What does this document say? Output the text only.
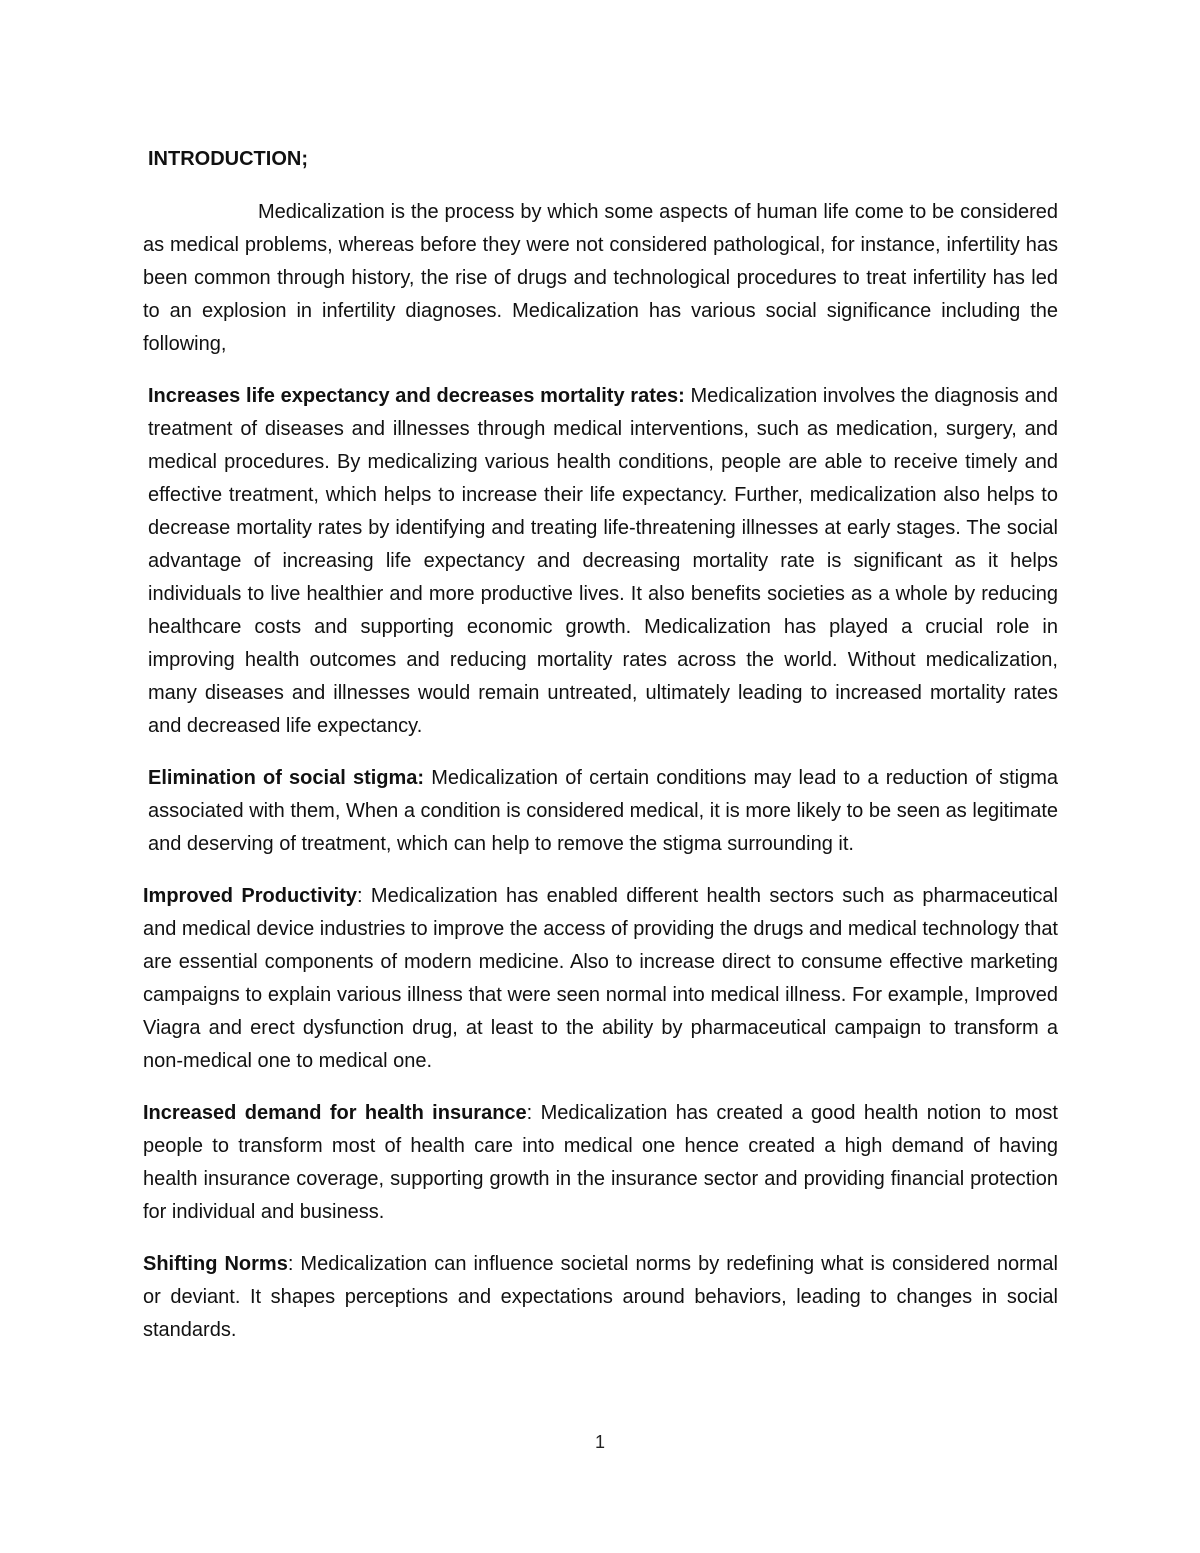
INTRODUCTION;

Medicalization is the process by which some aspects of human life come to be considered as medical problems, whereas before they were not considered pathological, for instance, infertility has been common through history, the rise of drugs and technological procedures to treat infertility has led to an explosion in infertility diagnoses. Medicalization has various social significance including the following,

Increases life expectancy and decreases mortality rates: Medicalization involves the diagnosis and treatment of diseases and illnesses through medical interventions, such as medication, surgery, and medical procedures. By medicalizing various health conditions, people are able to receive timely and effective treatment, which helps to increase their life expectancy. Further, medicalization also helps to decrease mortality rates by identifying and treating life-threatening illnesses at early stages. The social advantage of increasing life expectancy and decreasing mortality rate is significant as it helps individuals to live healthier and more productive lives. It also benefits societies as a whole by reducing healthcare costs and supporting economic growth. Medicalization has played a crucial role in improving health outcomes and reducing mortality rates across the world. Without medicalization, many diseases and illnesses would remain untreated, ultimately leading to increased mortality rates and decreased life expectancy.

Elimination of social stigma: Medicalization of certain conditions may lead to a reduction of stigma associated with them, When a condition is considered medical, it is more likely to be seen as legitimate and deserving of treatment, which can help to remove the stigma surrounding it.

Improved Productivity: Medicalization has enabled different health sectors such as pharmaceutical and medical device industries to improve the access of providing the drugs and medical technology that are essential components of modern medicine. Also to increase direct to consume effective marketing campaigns to explain various illness that were seen normal into medical illness. For example, Improved Viagra and erect dysfunction drug, at least to the ability by pharmaceutical campaign to transform a non-medical one to medical one.

Increased demand for health insurance: Medicalization has created a good health notion to most people to transform most of health care into medical one hence created a high demand of having health insurance coverage, supporting growth in the insurance sector and providing financial protection for individual and business.

Shifting Norms: Medicalization can influence societal norms by redefining what is considered normal or deviant. It shapes perceptions and expectations around behaviors, leading to changes in social standards.

1
